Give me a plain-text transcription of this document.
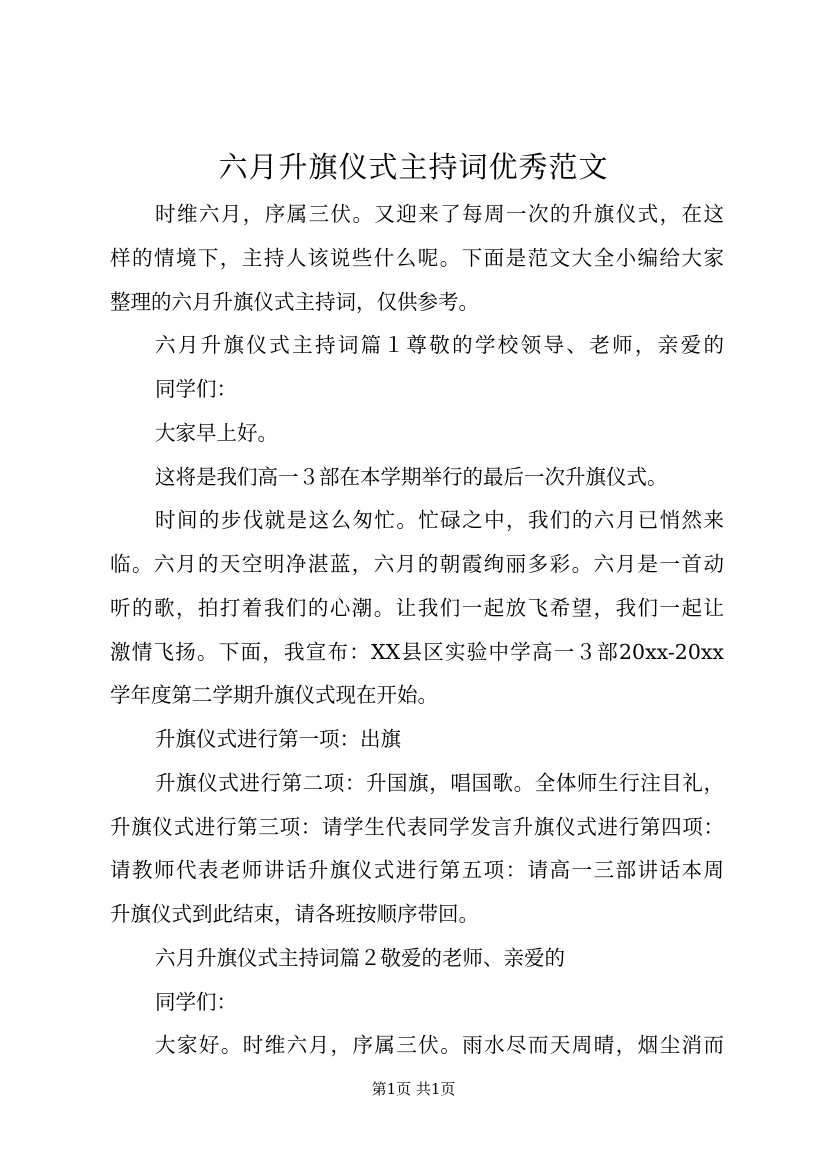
六月升旗仪式主持词优秀范文
时维六月，序属三伏。又迎来了每周一次的升旗仪式，在这
样的情境下，主持人该说些什么呢。下面是范文大全小编给大家
整理的六月升旗仪式主持词，仅供参考。
六月升旗仪式主持词篇１尊敬的学校领导、老师，亲爱的
同学们：
大家早上好。
这将是我们高一３部在本学期举行的最后一次升旗仪式。
时间的步伐就是这么匆忙。忙碌之中，我们的六月已悄然来
临。六月的天空明净湛蓝，六月的朝霞绚丽多彩。六月是一首动
听的歌，拍打着我们的心潮。让我们一起放飞希望，我们一起让
激情飞扬。下面，我宣布：XX县区实验中学高一３部20xx-20xx
学年度第二学期升旗仪式现在开始。
升旗仪式进行第一项：出旗
升旗仪式进行第二项：升国旗，唱国歌。全体师生行注目礼，
升旗仪式进行第三项：请学生代表同学发言升旗仪式进行第四项：
请教师代表老师讲话升旗仪式进行第五项：请高一三部讲话本周
升旗仪式到此结束，请各班按顺序带回。
六月升旗仪式主持词篇２敬爱的老师、亲爱的
同学们：
大家好。时维六月，序属三伏。雨水尽而天周晴，烟尘消而
第1页 共1页
